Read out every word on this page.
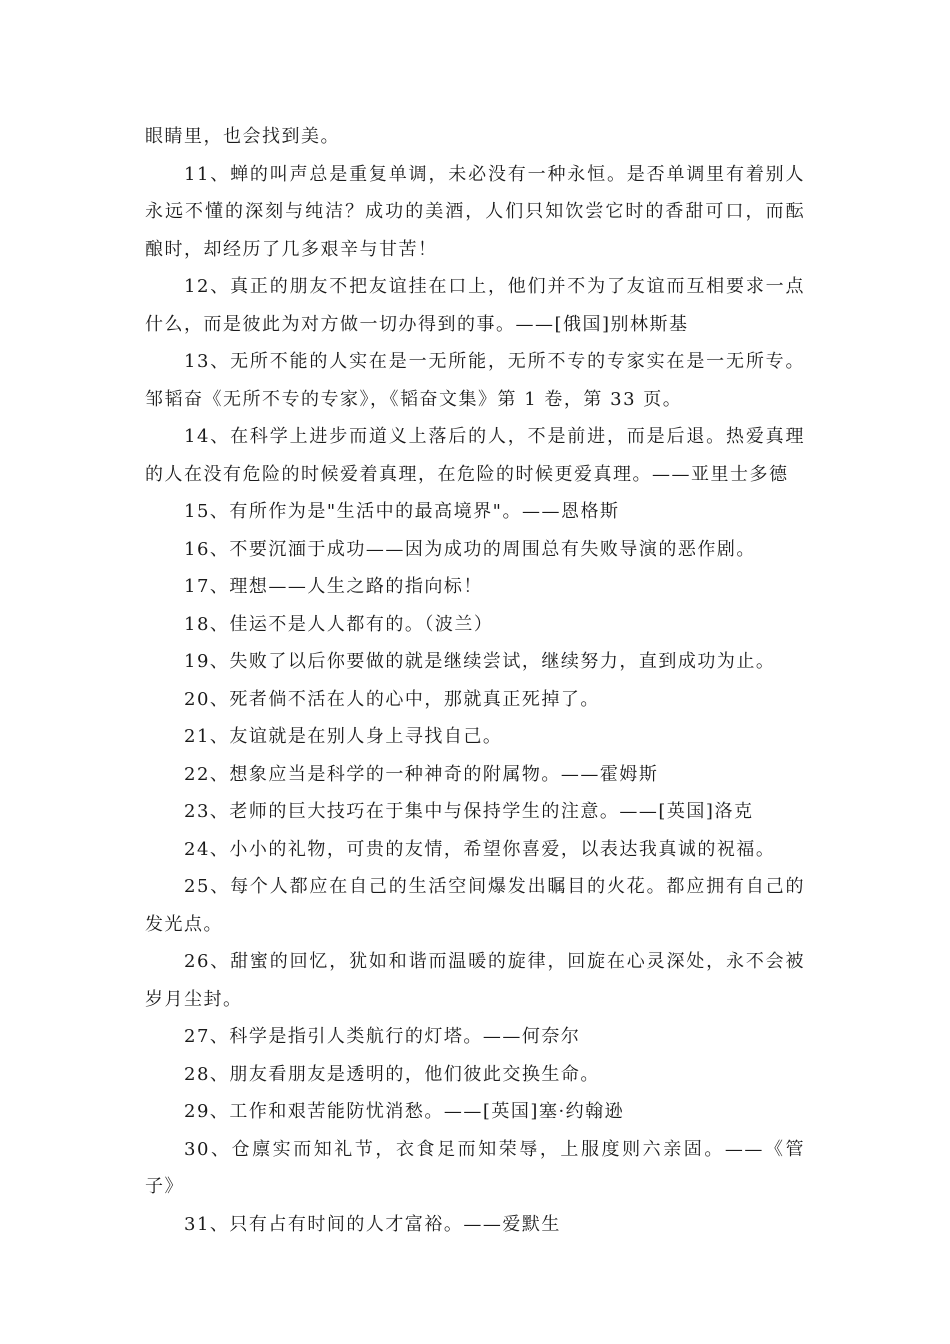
眼睛里，也会找到美。

11、蝉的叫声总是重复单调，未必没有一种永恒。是否单调里有着别人永远不懂的深刻与纯洁？成功的美酒，人们只知饮尝它时的香甜可口，而酝酿时，却经历了几多艰辛与甘苦！

12、真正的朋友不把友谊挂在口上，他们并不为了友谊而互相要求一点什么，而是彼此为对方做一切办得到的事。——[俄国]别林斯基

13、无所不能的人实在是一无所能，无所不专的专家实在是一无所专。邹韬奋《无所不专的专家》，《韬奋文集》第 1 卷，第 33 页。

14、在科学上进步而道义上落后的人，不是前进，而是后退。热爱真理的人在没有危险的时候爱着真理，在危险的时候更爱真理。——亚里士多德

15、有所作为是"生活中的最高境界"。——恩格斯

16、不要沉湎于成功——因为成功的周围总有失败导演的恶作剧。

17、理想——人生之路的指向标！

18、佳运不是人人都有的。（波兰）

19、失败了以后你要做的就是继续尝试，继续努力，直到成功为止。

20、死者倘不活在人的心中，那就真正死掉了。

21、友谊就是在别人身上寻找自己。

22、想象应当是科学的一种神奇的附属物。——霍姆斯

23、老师的巨大技巧在于集中与保持学生的注意。——[英国]洛克

24、小小的礼物，可贵的友情，希望你喜爱，以表达我真诚的祝福。

25、每个人都应在自己的生活空间爆发出瞩目的火花。都应拥有自己的发光点。

26、甜蜜的回忆，犹如和谐而温暖的旋律，回旋在心灵深处，永不会被岁月尘封。

27、科学是指引人类航行的灯塔。——何奈尔

28、朋友看朋友是透明的，他们彼此交换生命。

29、工作和艰苦能防忧消愁。——[英国]塞·约翰逊

30、仓廪实而知礼节，衣食足而知荣辱，上服度则六亲固。——《管子》

31、只有占有时间的人才富裕。——爱默生
